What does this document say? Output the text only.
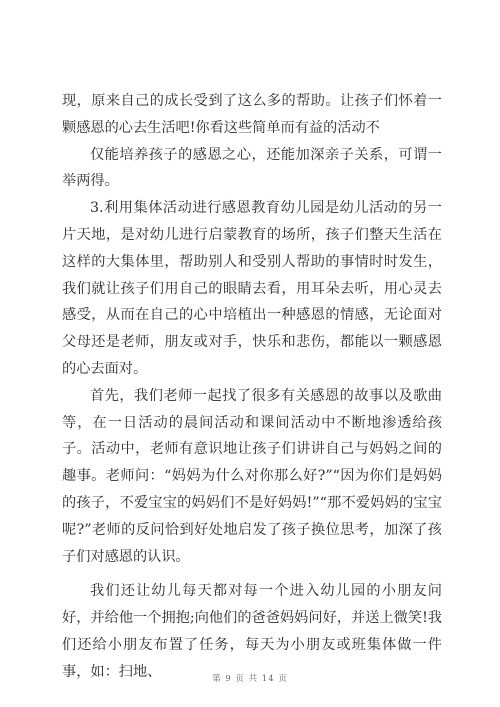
现，原来自己的成长受到了这么多的帮助。让孩子们怀着一颗感恩的心去生活吧!你看这些简单而有益的活动不

仅能培养孩子的感恩之心，还能加深亲子关系，可谓一举两得。

3.利用集体活动进行感恩教育幼儿园是幼儿活动的另一片天地，是对幼儿进行启蒙教育的场所，孩子们整天生活在这样的大集体里，帮助别人和受别人帮助的事情时时发生，我们就让孩子们用自己的眼睛去看，用耳朵去听，用心灵去感受，从而在自己的心中培植出一种感恩的情感，无论面对父母还是老师，朋友或对手，快乐和悲伤，都能以一颗感恩的心去面对。

首先，我们老师一起找了很多有关感恩的故事以及歌曲等，在一日活动的晨间活动和课间活动中不断地渗透给孩子。活动中，老师有意识地让孩子们讲讲自己与妈妈之间的趣事。老师问：“妈妈为什么对你那么好?”“因为你们是妈妈的孩子，不爱宝宝的妈妈们不是好妈妈!”“那不爱妈妈的宝宝呢?”老师的反问恰到好处地启发了孩子换位思考，加深了孩子们对感恩的认识。

我们还让幼儿每天都对每一个进入幼儿园的小朋友问好，并给他一个拥抱;向他们的爸爸妈妈问好，并送上微笑!我们还给小朋友布置了任务，每天为小朋友或班集体做一件事，如：扫地、	第 9 页 共 14 页
